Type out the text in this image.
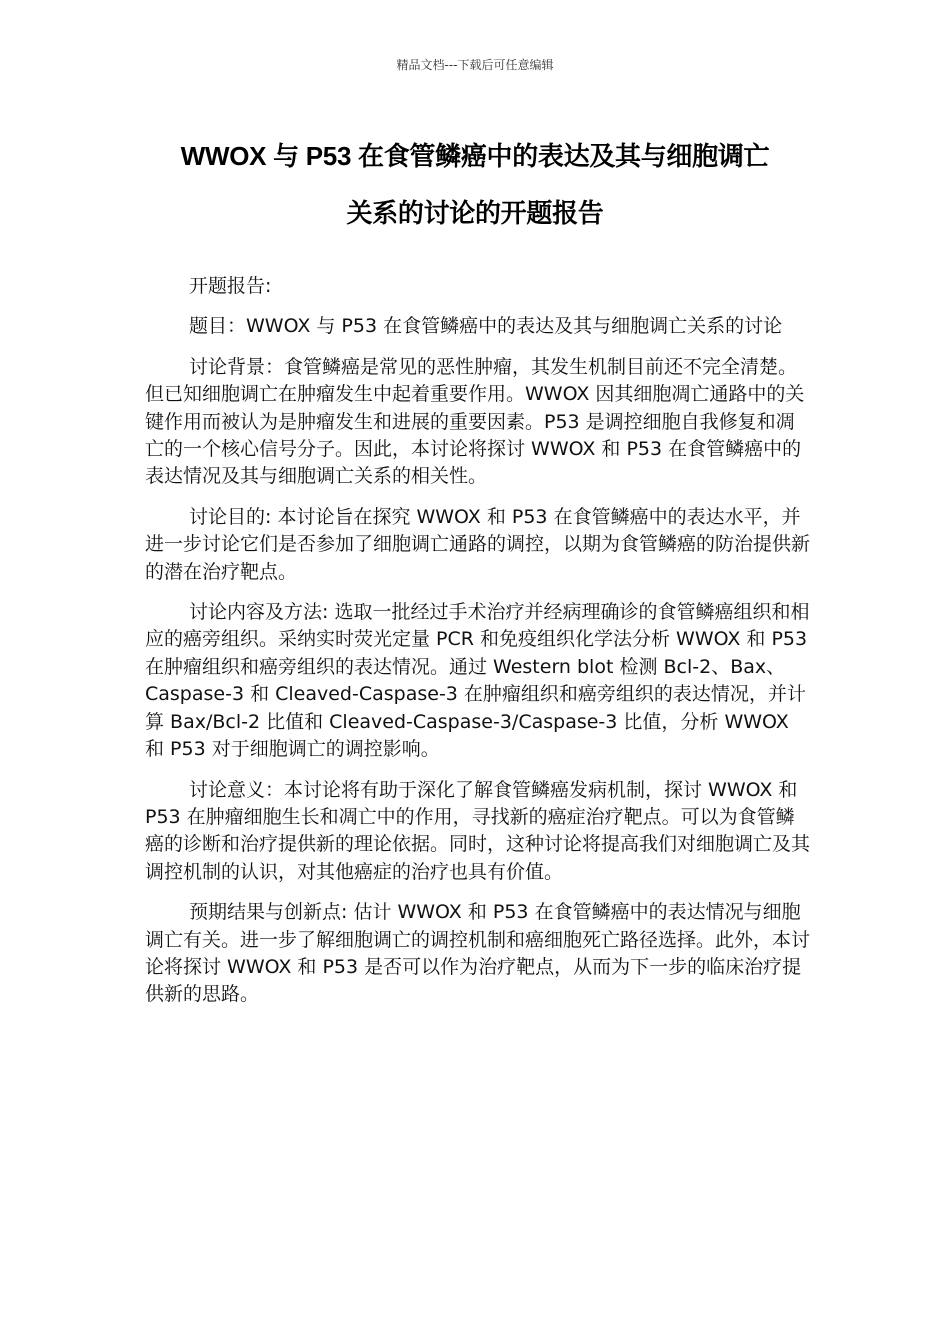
精品文档---下载后可任意编辑
WWOX 与 P53 在食管鳞癌中的表达及其与细胞调亡
关系的讨论的开题报告

开题报告:

题目：WWOX 与 P53 在食管鳞癌中的表达及其与细胞调亡关系的讨论

讨论背景：食管鳞癌是常见的恶性肿瘤，其发生机制目前还不完全清楚。但已知细胞调亡在肿瘤发生中起着重要作用。WWOX 因其细胞凋亡通路中的关键作用而被认为是肿瘤发生和进展的重要因素。P53 是调控细胞自我修复和凋亡的一个核心信号分子。因此，本讨论将探讨 WWOX 和 P53 在食管鳞癌中的表达情况及其与细胞调亡关系的相关性。

讨论目的: 本讨论旨在探究 WWOX 和 P53 在食管鳞癌中的表达水平，并进一步讨论它们是否参加了细胞调亡通路的调控，以期为食管鳞癌的防治提供新的潜在治疗靶点。

讨论内容及方法: 选取一批经过手术治疗并经病理确诊的食管鳞癌组织和相应的癌旁组织。采纳实时荧光定量 PCR 和免疫组织化学法分析 WWOX 和 P53 在肿瘤组织和癌旁组织的表达情况。通过 Western blot 检测 Bcl-2、Bax、Caspase-3 和 Cleaved-Caspase-3 在肿瘤组织和癌旁组织的表达情况，并计算 Bax/Bcl-2 比值和 Cleaved-Caspase-3/Caspase-3 比值，分析 WWOX 和 P53 对于细胞调亡的调控影响。

讨论意义：本讨论将有助于深化了解食管鳞癌发病机制，探讨 WWOX 和 P53 在肿瘤细胞生长和凋亡中的作用，寻找新的癌症治疗靶点。可以为食管鳞癌的诊断和治疗提供新的理论依据。同时，这种讨论将提高我们对细胞调亡及其调控机制的认识，对其他癌症的治疗也具有价值。

预期结果与创新点: 估计 WWOX 和 P53 在食管鳞癌中的表达情况与细胞调亡有关。进一步了解细胞调亡的调控机制和癌细胞死亡路径选择。此外，本讨论将探讨 WWOX 和 P53 是否可以作为治疗靶点，从而为下一步的临床治疗提供新的思路。
